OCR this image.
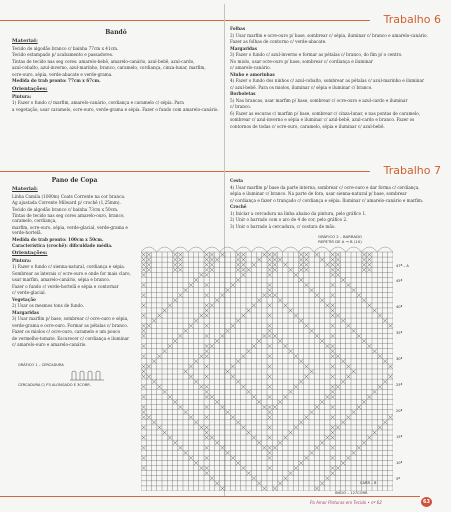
Trabalho 6
Trabalho 7

Bandô

Material:

Tecido de algodão branco c/ bainha 77cm x 41cm.

Tecido estampado p/ acabamento e passadores.

Tintas de tecido nas seg cores: amarelo-bebê, amarelo-canário, azul-bebê, azul-cardo,

azul-cobalto, azul-inverno, azul-marinho, branco, caramelo, cordiança, cinza-lunar, marfim,

ocre-ouro, sépia, verde-abacate e verde-grama.

Medida do trab pronto: 77cm x 67cm.

Orientações:

Pintura:

1) Fazer o fundo c/ marfim, amarelo-canário, cordiança e caramelo c/ sépia. Para

a vegetação, usar caramelo, ocre-ouro, verde-grama e sépia. Fazer o fundo com amarelo-canário.

Folhas

2) Usar marfim e ocre-ouro p/ base, sombrear c/ sépia, iluminar c/ branco e amarelo-canário.

Fazer as folhas de contorno c/ verde-abacate.

Margaridas

3) Fazer o fundo c/ azul-inverno e formar as pétalas c/ branco, do fim p/ o centro.

No miolo, usar ocre-ouro p/ base, sombrear c/ cordiança e iluminar

c/ amarelo-canário.

Ninho e amorinhas

4) Fazer o fundo dos ninhos c/ azul-cobalto, sombrear as pétalas c/ azul-marinho e iluminar

c/ azul-bebê. Para os miolos, iluminar c/ sépia e iluminar c/ branco.

Borboletas

5) Nas brancas, usar marfim p/ base, sombrear c/ ocre-ouro e azul-cardo e iluminar

c/ branco.

6) Fazer as escuras c/ marfim p/ base, sombrear c/ cinza-lunar, e nas pontas de caramelo,

sombrear c/ azul-inverno e sépia e iluminar c/ azul-bebê, azul-cardo e branco. Fazer os

contornos de todas c/ ocre-ouro, caramelo, sépia e iluminar c/ azul-bebê.

Pano de Copa

Material:

Linha Camila (1000m) Coats Corrente na cor branca.

Ag ajustada Corrente Milward p/ crochê (1,25mm).

Tecido de algodão branco c/ bainha 73cm x 50cm.

Tintas de tecido nas seg cores amarelo-ouro, branco, caramelo, cordiança,

marfim, ocre-ouro, sépia, verde-glacial, verde-grama e verde-hortelã.

Medida do trab pronto: 100cm x 50cm.

Característica (crochê): dificuldade média.

Orientações:

Pintura:

1) Fazer o fundo c/ sienna-natural, cordiança e sépia.

Sombrear as laterais c/ ocre-ouro e onde for mais claro,

usar marfim, amarelo-canário, sépia e branco.

Fazer o fundo c/ verde-hortelã e sépia e contornar

c/ verde-glacial.

Vegetação

2) Usar os mesmos tons de fundo.

Margaridas

3) Usar marfim p/ base, sombrear c/ ocre-ouro e sépia,

verde-grama e ocre-ouro. Formar as pétalas c/ branco.

Fazer os miolos c/ ocre-ouro, caramelo e um pouco

de vermelho-tomate. Escurecer c/ cordiança e iluminar

c/ amarelo-ouro e amarelo-canário.

Cesta

4) Usar marfim p/ base da parte interna, sombrear c/ ocre-ouro e dar forma c/ cordiança,

sépia e iluminar c/ branco. Na parte de fora, usar sienna-natural p/ base, sombrear

c/ cordiança e fazer o trançado c/ cordiança e sépia. Iluminar c/ amarelo-canário e marfim.

Crochê

1) Iniciar a cercadura na linha abaixo da pintura, pelo gráfico 1.

2) Unir o barrado com o aro de 4 de cor, pelo gráfico 2.

3) Unir o barrado à cercadura, c/ costura de mão.

GRÁFICO 2 – BARRADO
REPETIR DE A → B (1X)
GRÁFICO 1 – CERCADURA
CERCADURA C/ P3 ALONGADO E 3CORR.
47ª – A
45ª
40ª
35ª
30ª
25ª
20ª
15ª
10ª
5ª
CARR – B
INÍCIO – 127CORR
Pa Amor Pinturas em Tecido • nº 62	63
